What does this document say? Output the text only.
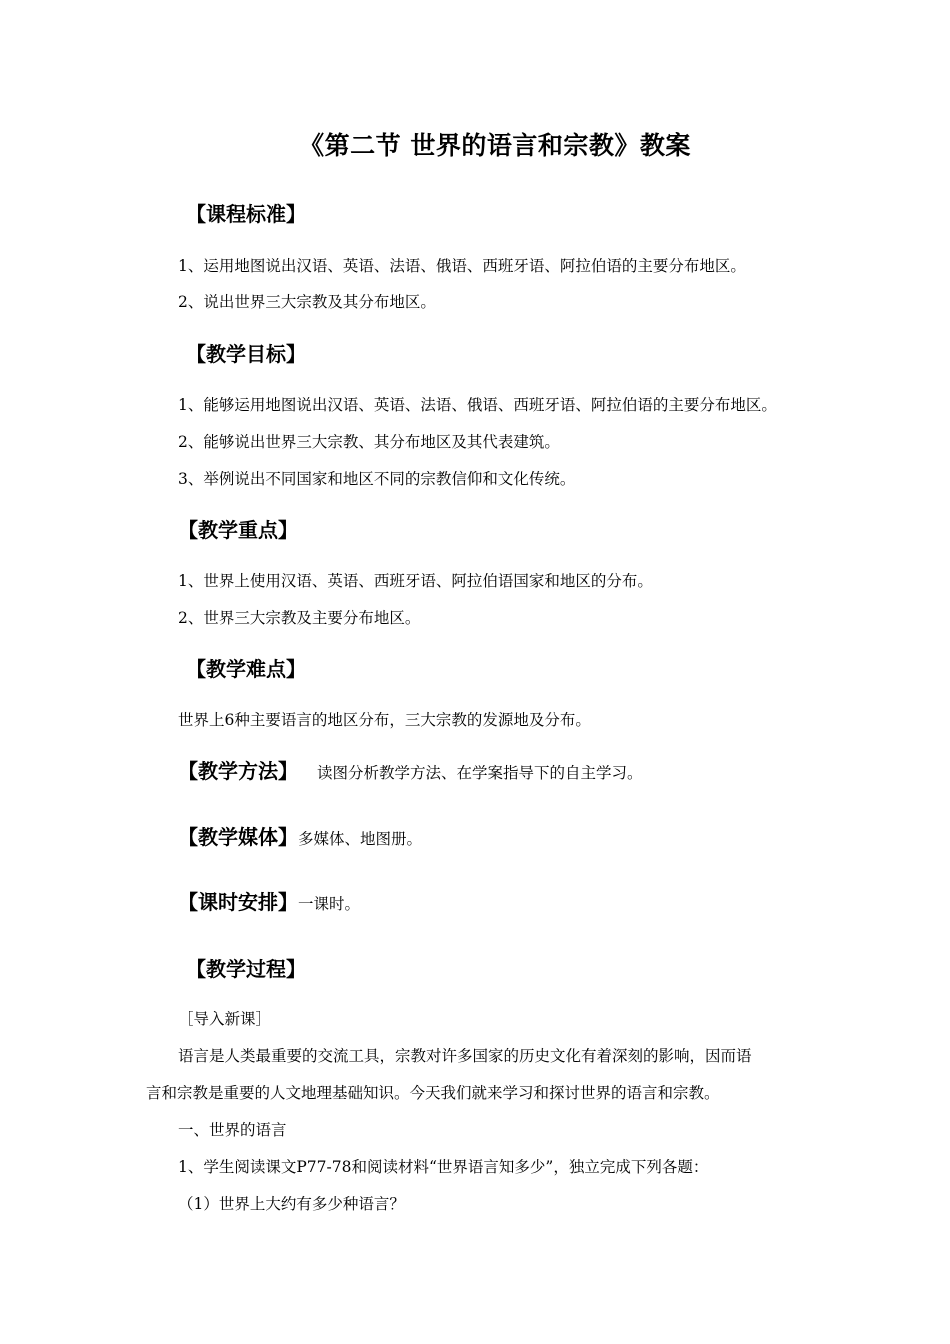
《第二节 世界的语言和宗教》教案
【课程标准】
1、运用地图说出汉语、英语、法语、俄语、西班牙语、阿拉伯语的主要分布地区。
2、说出世界三大宗教及其分布地区。
【教学目标】
1、能够运用地图说出汉语、英语、法语、俄语、西班牙语、阿拉伯语的主要分布地区。
2、能够说出世界三大宗教、其分布地区及其代表建筑。
3、举例说出不同国家和地区不同的宗教信仰和文化传统。
【教学重点】
1、世界上使用汉语、英语、西班牙语、阿拉伯语国家和地区的分布。
2、世界三大宗教及主要分布地区。
【教学难点】
世界上6种主要语言的地区分布，三大宗教的发源地及分布。
【教学方法】 读图分析教学方法、在学案指导下的自主学习。
【教学媒体】多媒体、地图册。
【课时安排】一课时。
【教学过程】
［导入新课］
语言是人类最重要的交流工具，宗教对许多国家的历史文化有着深刻的影响，因而语
言和宗教是重要的人文地理基础知识。今天我们就来学习和探讨世界的语言和宗教。
一、世界的语言
1、学生阅读课文P77-78和阅读材料“世界语言知多少”，独立完成下列各题：
（1）世界上大约有多少种语言？
